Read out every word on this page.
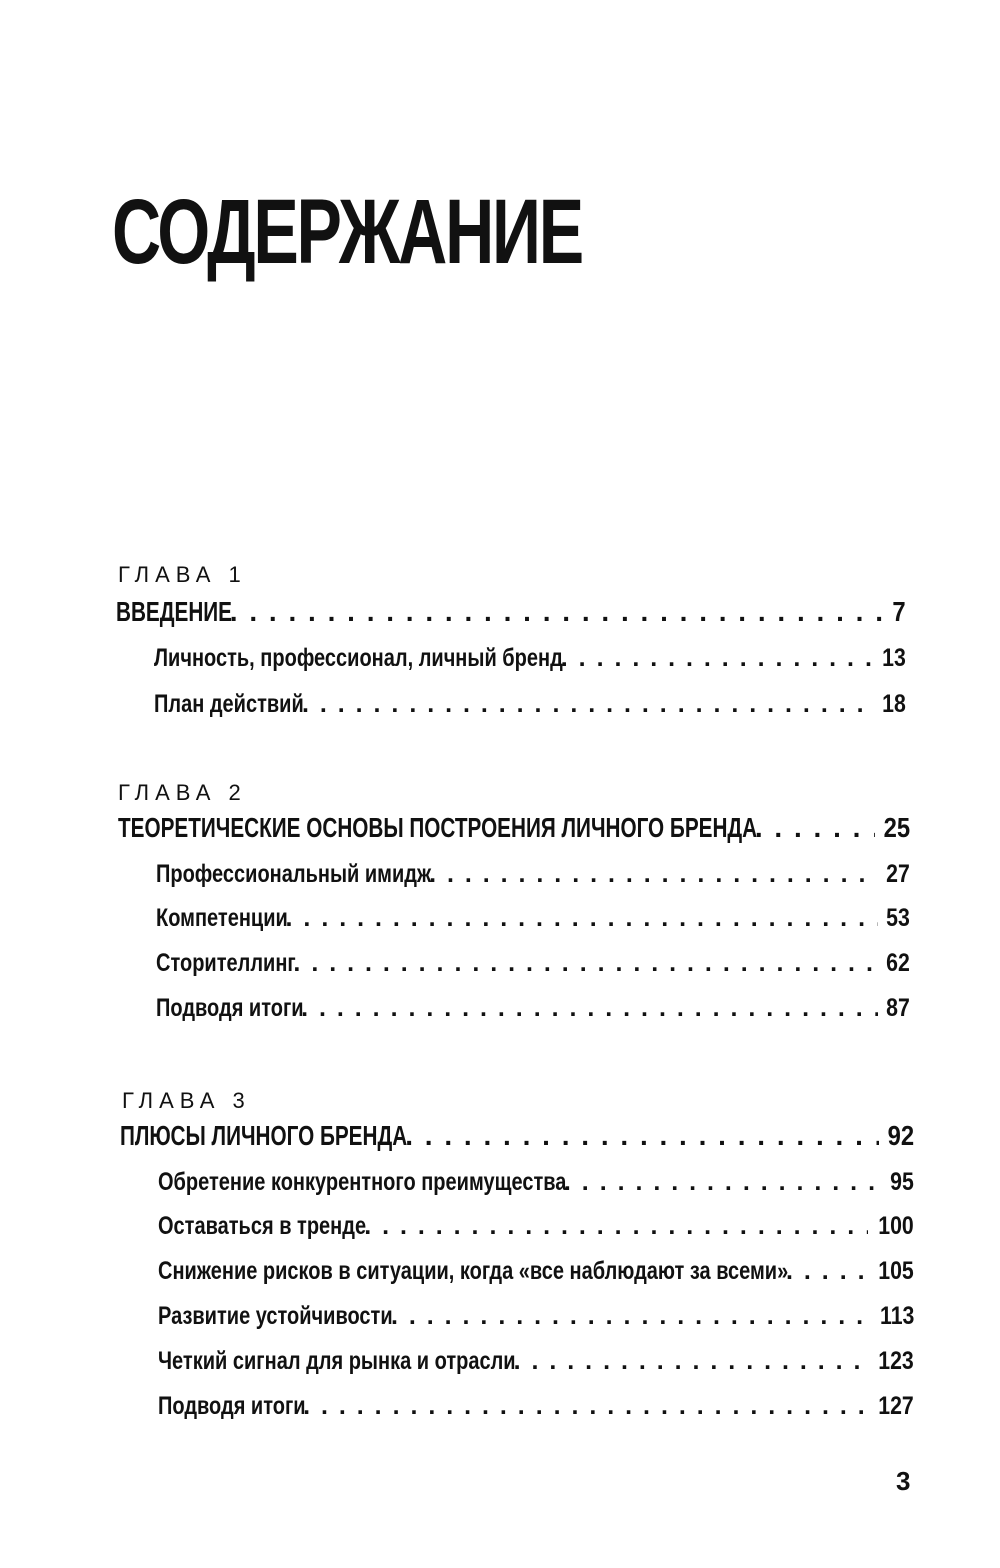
СОДЕРЖАНИЕ
ГЛАВА 1
ВВЕДЕНИЕ . . .	7
Личность, профессионал, личный бренд . . .	13
План действий . . .	18
ГЛАВА 2
ТЕОРЕТИЧЕСКИЕ ОСНОВЫ ПОСТРОЕНИЯ ЛИЧНОГО БРЕНДА . . .	25
Профессиональный имидж . . .	27
Компетенции . . .	53
Сторителлинг . . .	62
Подводя итоги . . .	87
ГЛАВА 3
ПЛЮСЫ ЛИЧНОГО БРЕНДА . . .	92
Обретение конкурентного преимущества . . .	95
Оставаться в тренде . . .	100
Снижение рисков в ситуации, когда «все наблюдают за всеми» . . .	105
Развитие устойчивости . . .	113
Четкий сигнал для рынка и отрасли . . .	123
Подводя итоги . . .	127
3
